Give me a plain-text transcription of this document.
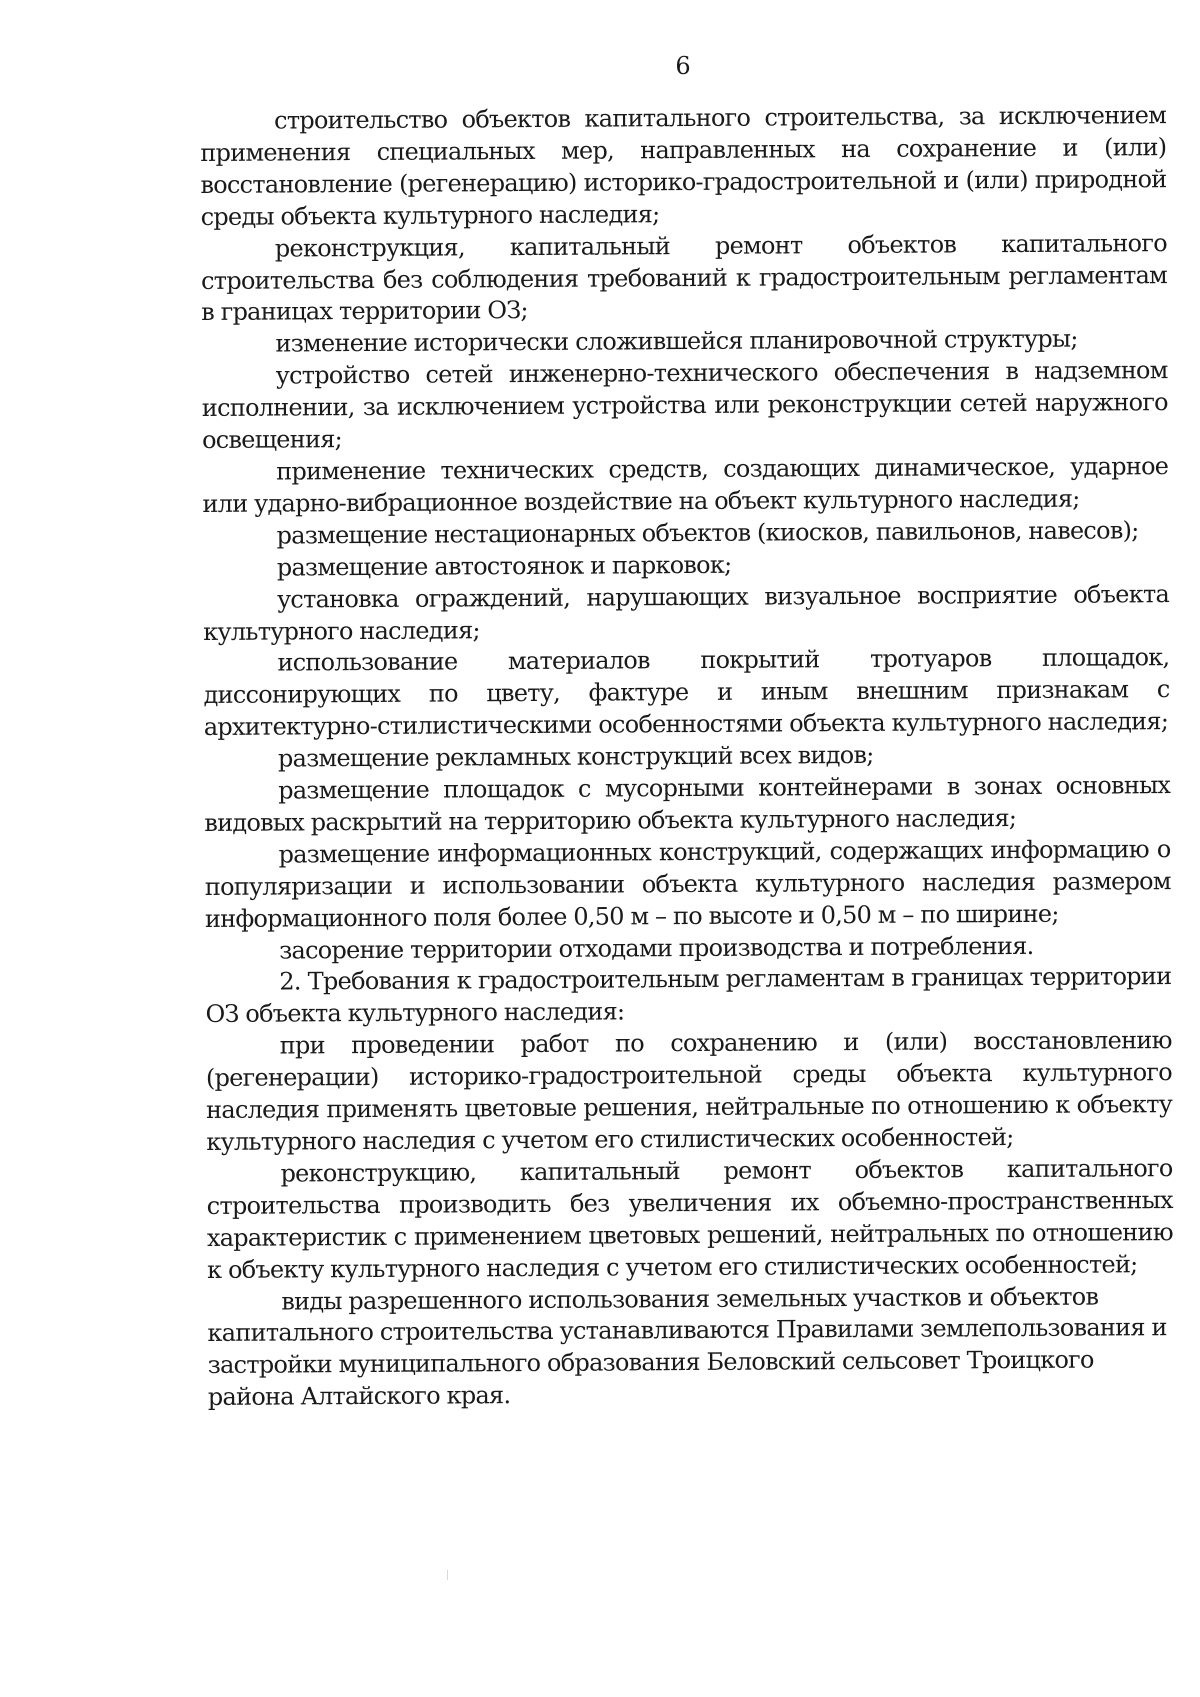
6

строительство объектов капитального строительства, за исключением применения специальных мер, направленных на сохранение и (или) восстановление (регенерацию) историко-градостроительной и (или) природной среды объекта культурного наследия;

реконструкция, капитальный ремонт объектов капитального строительства без соблюдения требований к градостроительным регламентам в границах территории ОЗ;

изменение исторически сложившейся планировочной структуры;

устройство сетей инженерно-технического обеспечения в надземном исполнении, за исключением устройства или реконструкции сетей наружного освещения;

применение технических средств, создающих динамическое, ударное или ударно-вибрационное воздействие на объект культурного наследия;

размещение нестационарных объектов (киосков, павильонов, навесов);

размещение автостоянок и парковок;

установка ограждений, нарушающих визуальное восприятие объекта культурного наследия;

использование материалов покрытий тротуаров площадок, диссонирующих по цвету, фактуре и иным внешним признакам с архитектурно-стилистическими особенностями объекта культурного наследия;

размещение рекламных конструкций всех видов;

размещение площадок с мусорными контейнерами в зонах основных видовых раскрытий на территорию объекта культурного наследия;

размещение информационных конструкций, содержащих информацию о популяризации и использовании объекта культурного наследия размером информационного поля более 0,50 м – по высоте и 0,50 м – по ширине;

засорение территории отходами производства и потребления.

2. Требования к градостроительным регламентам в границах территории ОЗ объекта культурного наследия:

при проведении работ по сохранению и (или) восстановлению (регенерации) историко-градостроительной среды объекта культурного наследия применять цветовые решения, нейтральные по отношению к объекту культурного наследия с учетом его стилистических особенностей;

реконструкцию, капитальный ремонт объектов капитального строительства производить без увеличения их объемно-пространственных характеристик с применением цветовых решений, нейтральных по отношению к объекту культурного наследия с учетом его стилистических особенностей;

виды разрешенного использования земельных участков и объектов капитального строительства устанавливаются Правилами землепользования и застройки муниципального образования Беловский сельсовет Троицкого района Алтайского края.
